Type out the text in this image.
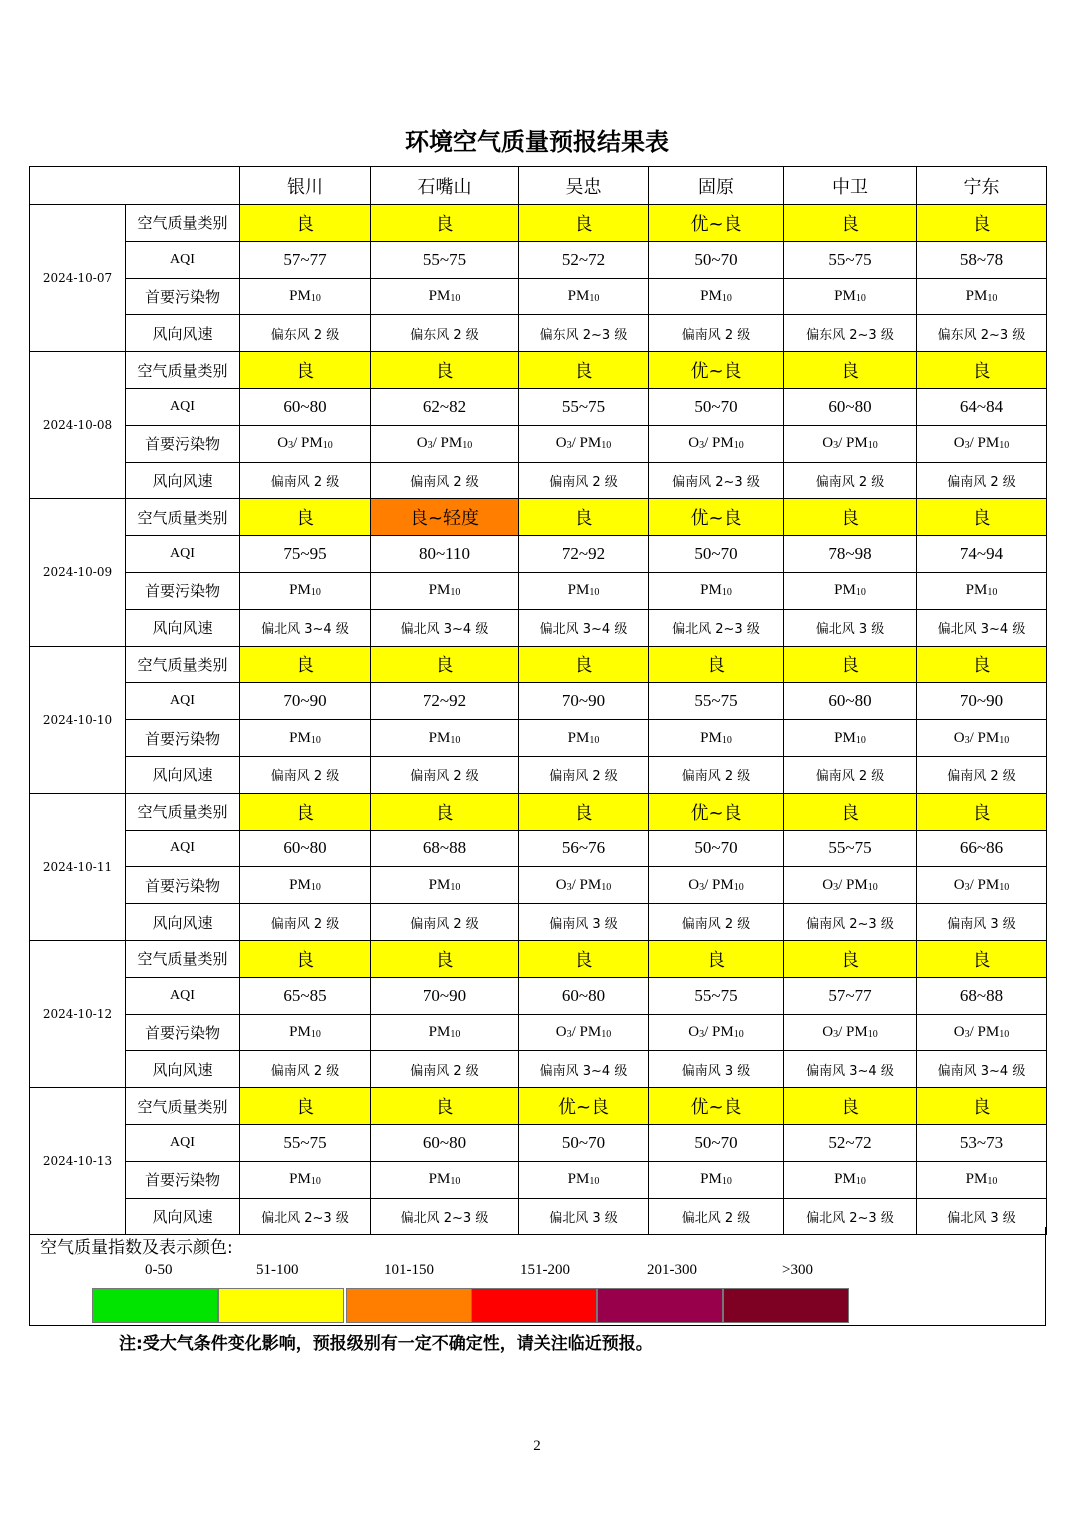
环境空气质量预报结果表
		银川	石嘴山	吴忠	固原	中卫	宁东
2024-10-07	空气质量类别	良	良	良	优~良	良	良
	AQI	57~77	55~75	52~72	50~70	55~75	58~78
	首要污染物	$PM_{10}$	$PM_{10}$	$PM_{10}$	$PM_{10}$	$PM_{10}$	$PM_{10}$
	风向风速	偏东风 2 级	偏东风 2 级	偏东风 2~3 级	偏南风 2 级	偏东风 2~3 级	偏东风 2~3 级
2024-10-08	空气质量类别	良	良	良	优~良	良	良
	AQI	60~80	62~82	55~75	50~70	60~80	64~84
	首要污染物	$O_3/$ $PM_{10}$	$O_3/$ $PM_{10}$	$O_3/$ $PM_{10}$	$O_3/$ $PM_{10}$	$O_3/$ $PM_{10}$	$O_3/$ $PM_{10}$
	风向风速	偏南风 2 级	偏南风 2 级	偏南风 2 级	偏南风 2~3 级	偏南风 2 级	偏南风 2 级
2024-10-09	空气质量类别	良	良~轻度	良	优~良	良	良
	AQI	75~95	80~110	72~92	50~70	78~98	74~94
	首要污染物	$PM_{10}$	$PM_{10}$	$PM_{10}$	$PM_{10}$	$PM_{10}$	$PM_{10}$
	风向风速	偏北风 3~4 级	偏北风 3~4 级	偏北风 3~4 级	偏北风 2~3 级	偏北风 3 级	偏北风 3~4 级
2024-10-10	空气质量类别	良	良	良	良	良	良
	AQI	70~90	72~92	70~90	55~75	60~80	70~90
	首要污染物	$PM_{10}$	$PM_{10}$	$PM_{10}$	$PM_{10}$	$PM_{10}$	$O_3/$ $PM_{10}$
	风向风速	偏南风 2 级	偏南风 2 级	偏南风 2 级	偏南风 2 级	偏南风 2 级	偏南风 2 级
2024-10-11	空气质量类别	良	良	良	优~良	良	良
	AQI	60~80	68~88	56~76	50~70	55~75	66~86
	首要污染物	$PM_{10}$	$PM_{10}$	$O_3/$ $PM_{10}$	$O_3/$ $PM_{10}$	$O_3/$ $PM_{10}$	$O_3/$ $PM_{10}$
	风向风速	偏南风 2 级	偏南风 2 级	偏南风 3 级	偏南风 2 级	偏南风 2~3 级	偏南风 3 级
2024-10-12	空气质量类别	良	良	良	良	良	良
	AQI	65~85	70~90	60~80	55~75	57~77	68~88
	首要污染物	$PM_{10}$	$PM_{10}$	$O_3/$ $PM_{10}$	$O_3/$ $PM_{10}$	$O_3/$ $PM_{10}$	$O_3/$ $PM_{10}$
	风向风速	偏南风 2 级	偏南风 2 级	偏南风 3~4 级	偏南风 3 级	偏南风 3~4 级	偏南风 3~4 级
2024-10-13	空气质量类别	良	良	优~良	优~良	良	良
	AQI	55~75	60~80	50~70	50~70	52~72	53~73
	首要污染物	$PM_{10}$	$PM_{10}$	$PM_{10}$	$PM_{10}$	$PM_{10}$	$PM_{10}$
	风向风速	偏北风 2~3 级	偏北风 2~3 级	偏北风 3 级	偏北风 2 级	偏北风 2~3 级	偏北风 3 级
空气质量指数及表示颜色:
0-50	51-100	101-150	151-200	201-300	>300
注:受大气条件变化影响，预报级别有一定不确定性，请关注临近预报。
2
